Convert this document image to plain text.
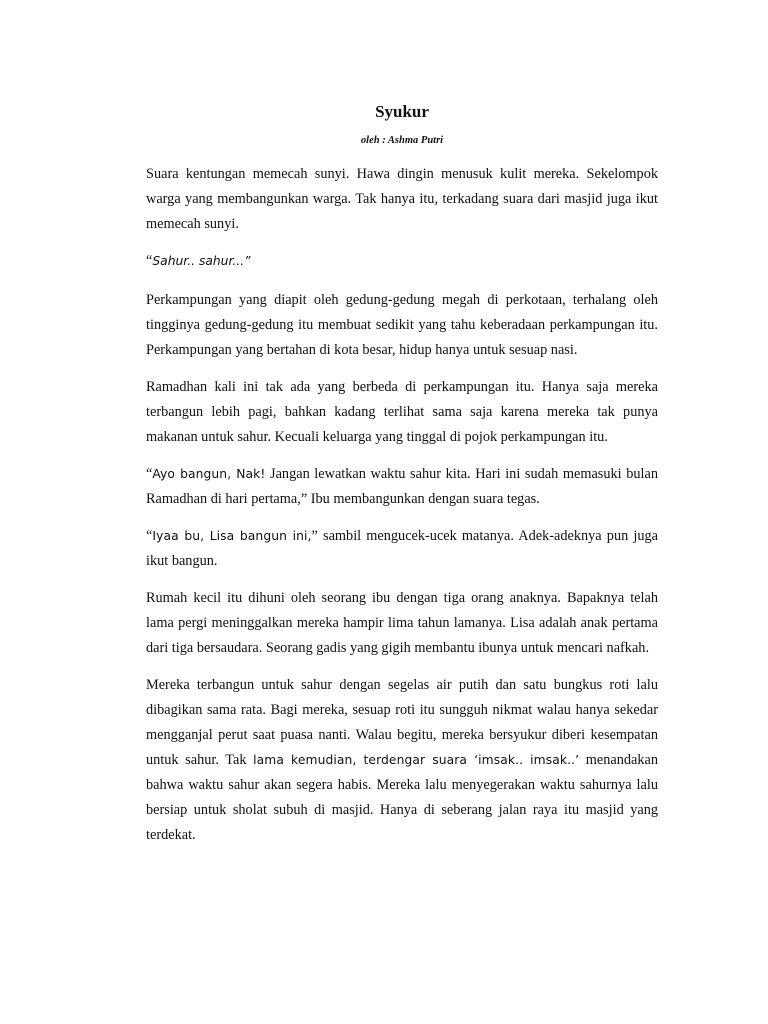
Syukur
oleh : Ashma Putri

Suara kentungan memecah sunyi. Hawa dingin menusuk kulit mereka. Sekelompok warga yang membangunkan warga. Tak hanya itu, terkadang suara dari masjid juga ikut memecah sunyi.

“Sahur.. sahur...”

Perkampungan yang diapit oleh gedung-gedung megah di perkotaan, terhalang oleh tingginya gedung-gedung itu membuat sedikit yang tahu keberadaan perkampungan itu. Perkampungan yang bertahan di kota besar, hidup hanya untuk sesuap nasi.

Ramadhan kali ini tak ada yang berbeda di perkampungan itu. Hanya saja mereka terbangun lebih pagi, bahkan kadang terlihat sama saja karena mereka tak punya makanan untuk sahur. Kecuali keluarga yang tinggal di pojok perkampungan itu.

“Ayo bangun, Nak! Jangan lewatkan waktu sahur kita. Hari ini sudah memasuki bulan Ramadhan di hari pertama,” Ibu membangunkan dengan suara tegas.

“Iyaa bu, Lisa bangun ini,” sambil mengucek-ucek matanya. Adek-adeknya pun juga ikut bangun.

Rumah kecil itu dihuni oleh seorang ibu dengan tiga orang anaknya. Bapaknya telah lama pergi meninggalkan mereka hampir lima tahun lamanya. Lisa adalah anak pertama dari tiga bersaudara. Seorang gadis yang gigih membantu ibunya untuk mencari nafkah.

Mereka terbangun untuk sahur dengan segelas air putih dan satu bungkus roti lalu dibagikan sama rata. Bagi mereka, sesuap roti itu sungguh nikmat walau hanya sekedar mengganjal perut saat puasa nanti. Walau begitu, mereka bersyukur diberi kesempatan untuk sahur. Tak lama kemudian, terdengar suara ‘imsak.. imsak..’ menandakan bahwa waktu sahur akan segera habis. Mereka lalu menyegerakan waktu sahurnya lalu bersiap untuk sholat subuh di masjid. Hanya di seberang jalan raya itu masjid yang terdekat.
